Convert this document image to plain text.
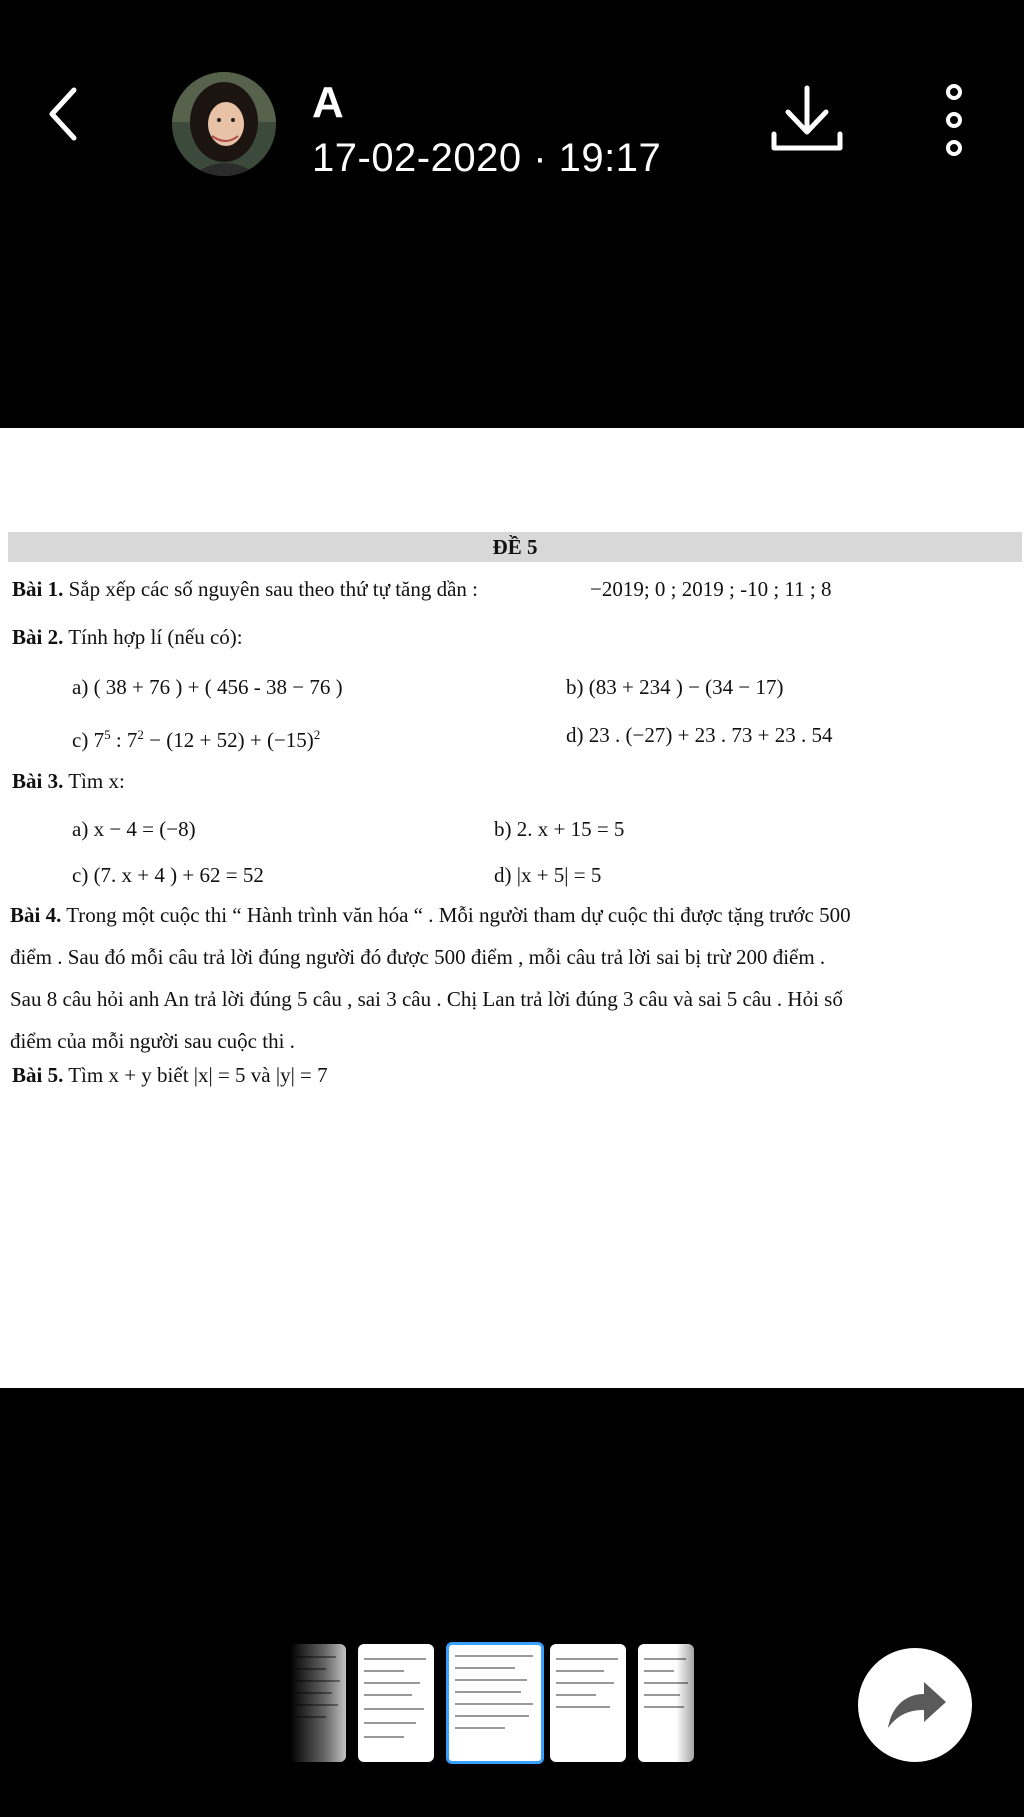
A
17-02-2020 · 19:17
ĐỀ 5
Bài 1. Sắp xếp các số nguyên sau theo thứ tự tăng dần :	−2019; 0 ; 2019 ; -10 ; 11 ; 8
Bài 2. Tính hợp lí (nếu có):
a) ( 38 + 76 ) + ( 456 - 38 − 76 )	b) (83 + 234 ) − (34 − 17)
c) $7^5$ : $7^2 - (12 + 52) + (-15)^2$	d) 23 . (−27) + 23 . 73 + 23 . 54
Bài 3. Tìm x:
a) x − 4 = (−8)	b) 2. x + 15 = 5
c) (7. x + 4 ) + 62 = 52	d) |x + 5| = 5
Bài 4. Trong một cuộc thi “ Hành trình văn hóa “ . Mỗi người tham dự cuộc thi được tặng trước 500
điểm . Sau đó mỗi câu trả lời đúng người đó được 500 điểm , mỗi câu trả lời sai bị trừ 200 điểm .
Sau 8 câu hỏi anh An trả lời đúng 5 câu , sai 3 câu . Chị Lan trả lời đúng 3 câu và sai 5 câu . Hỏi số
điểm của mỗi người sau cuộc thi .
Bài 5. Tìm x + y biết |x| = 5 và |y| = 7
